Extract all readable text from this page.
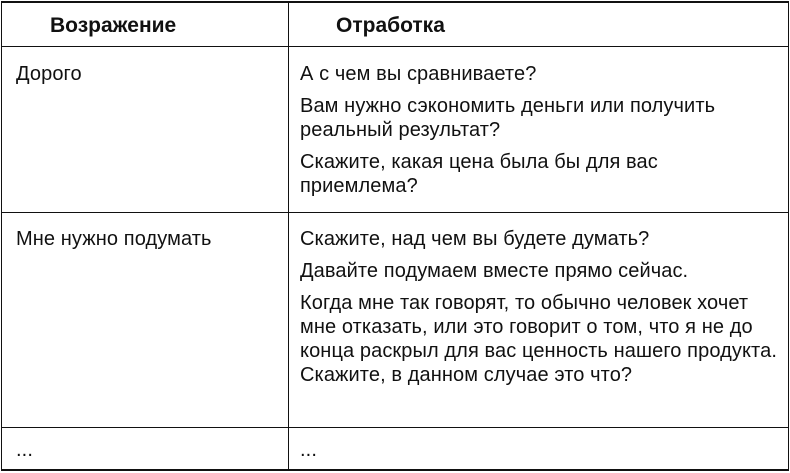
Возражение	Отработка
Дорого	А с чем вы сравниваете?

Вам нужно сэкономить деньги или получить реальный результат?

Скажите, какая цена была бы для вас приемлема?

Мне нужно подумать	Скажите, над чем вы будете думать?

Давайте подумаем вместе прямо сейчас.

Когда мне так говорят, то обычно человек хочет мне отказать, или это говорит о том, что я не до конца раскрыл для вас ценность нашего продукта. Скажите, в данном случае это что?

...	...
